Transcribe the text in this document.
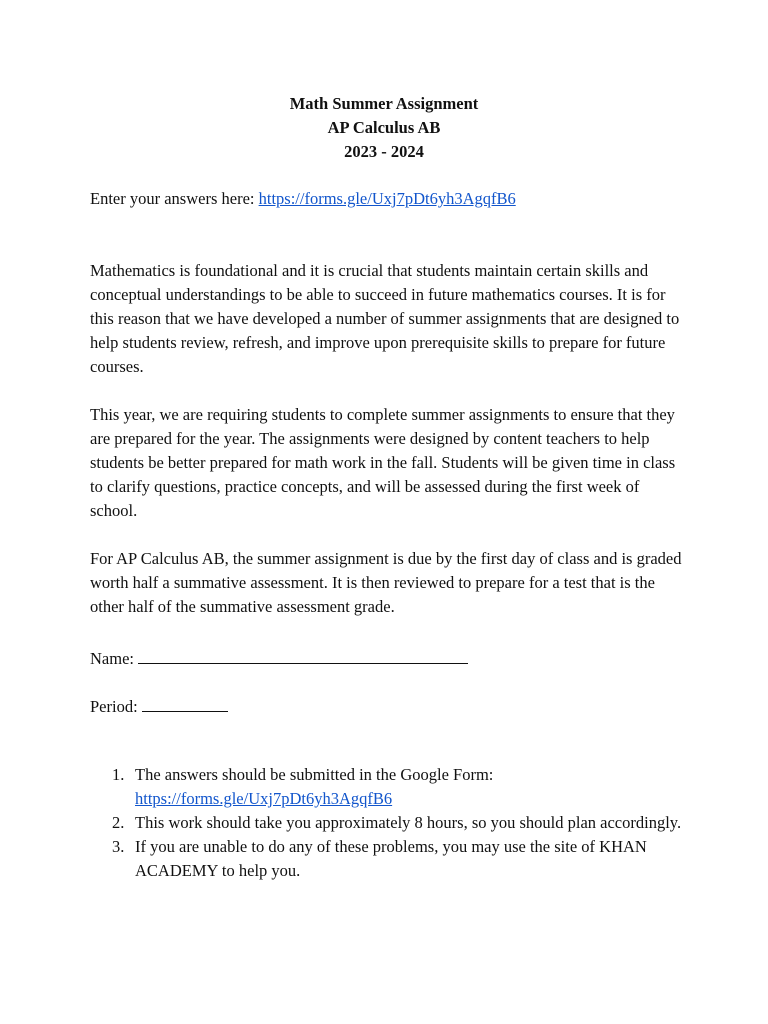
Math Summer Assignment
AP Calculus AB
2023 - 2024
Enter your answers here: https://forms.gle/Uxj7pDt6yh3AgqfB6

Mathematics is foundational and it is crucial that students maintain certain skills and conceptual understandings to be able to succeed in future mathematics courses. It is for this reason that we have developed a number of summer assignments that are designed to help students review, refresh, and improve upon prerequisite skills to prepare for future courses.

This year, we are requiring students to complete summer assignments to ensure that they are prepared for the year. The assignments were designed by content teachers to help students be better prepared for math work in the fall. Students will be given time in class to clarify questions, practice concepts, and will be assessed during the first week of school.

For AP Calculus AB, the summer assignment is due by the first day of class and is graded worth half a summative assessment. It is then reviewed to prepare for a test that is the other half of the summative assessment grade.

Name:
Period:
1. The answers should be submitted in the Google Form:
https://forms.gle/Uxj7pDt6yh3AgqfB6
2. This work should take you approximately 8 hours, so you should plan accordingly.
3. If you are unable to do any of these problems, you may use the site of KHAN ACADEMY to help you.
